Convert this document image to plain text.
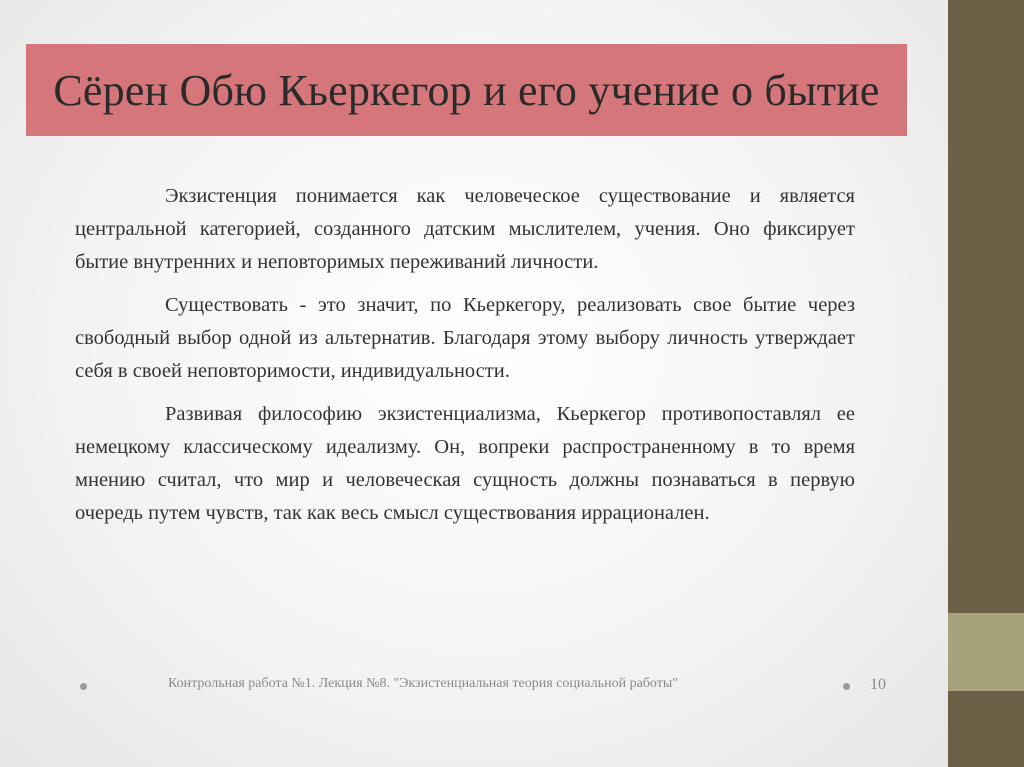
Сёрен Обю Кьеркегор и его учение о бытие

Экзистенция понимается как человеческое существование и является центральной категорией, созданного датским мыслителем, учения. Оно фиксирует бытие внутренних и неповторимых переживаний личности.

Существовать - это значит, по Кьеркегору, реализовать свое бытие через свободный выбор одной из альтернатив. Благодаря этому выбору личность утверждает себя в своей неповторимости, индивидуальности.

Развивая философию экзистенциализма, Кьеркегор противопоставлял ее немецкому классическому идеализму. Он, вопреки распространенному в то время мнению считал, что мир и человеческая сущность должны познаваться в первую очередь путем чувств, так как весь смысл существования иррационален.

Контрольная работа №1. Лекция №8. "Экзистенциальная теория социальной работы"	10
